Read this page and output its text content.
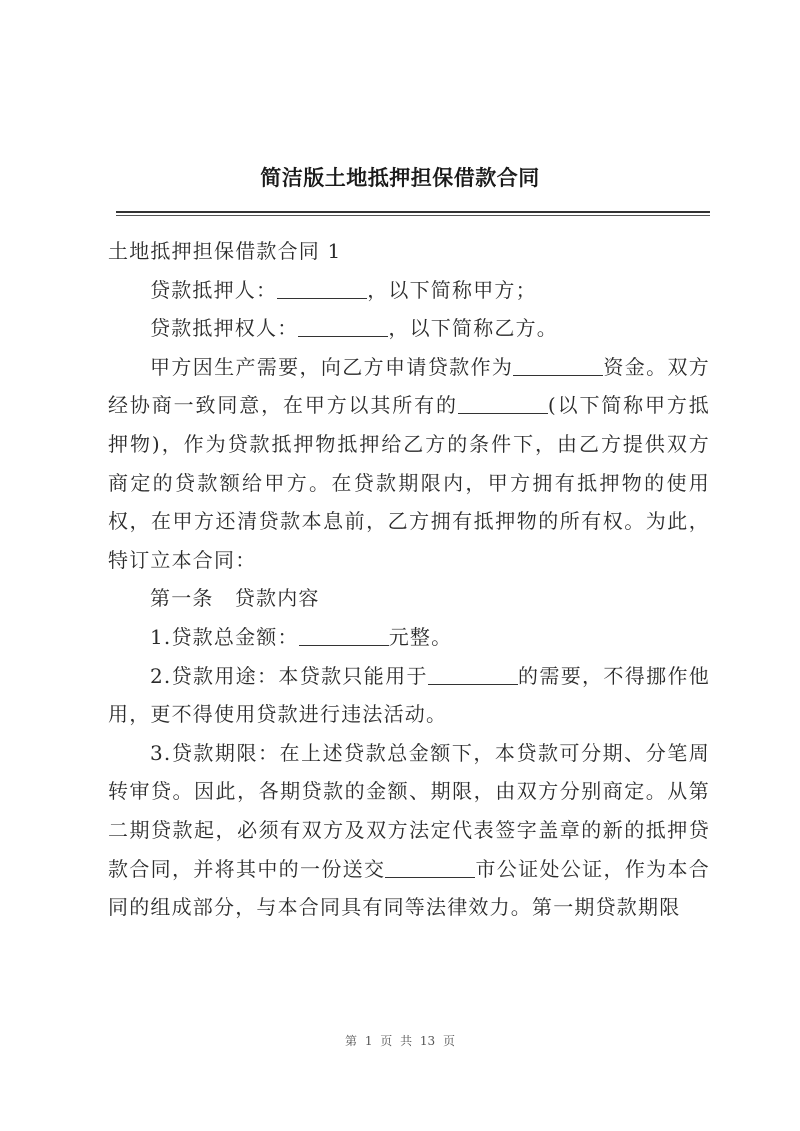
简洁版土地抵押担保借款合同

土地抵押担保借款合同 1

贷款抵押人：	，以下简称甲方；

贷款抵押权人：	，以下简称乙方。

甲方因生产需要，向乙方申请贷款作为	资金。双方经协商一致同意，在甲方以其所有的	(以下简称甲方抵押物)，作为贷款抵押物抵押给乙方的条件下，由乙方提供双方商定的贷款额给甲方。在贷款期限内，甲方拥有抵押物的使用权，在甲方还清贷款本息前，乙方拥有抵押物的所有权。为此，特订立本合同：

第一条　贷款内容

1.贷款总金额：	元整。

2.贷款用途：本贷款只能用于	的需要，不得挪作他用，更不得使用贷款进行违法活动。

3.贷款期限：在上述贷款总金额下，本贷款可分期、分笔周转审贷。因此，各期贷款的金额、期限，由双方分别商定。从第二期贷款起，必须有双方及双方法定代表签字盖章的新的抵押贷款合同，并将其中的一份送交	市公证处公证，作为本合同的组成部分，与本合同具有同等法律效力。第一期贷款期限

第 1 页 共 13 页
